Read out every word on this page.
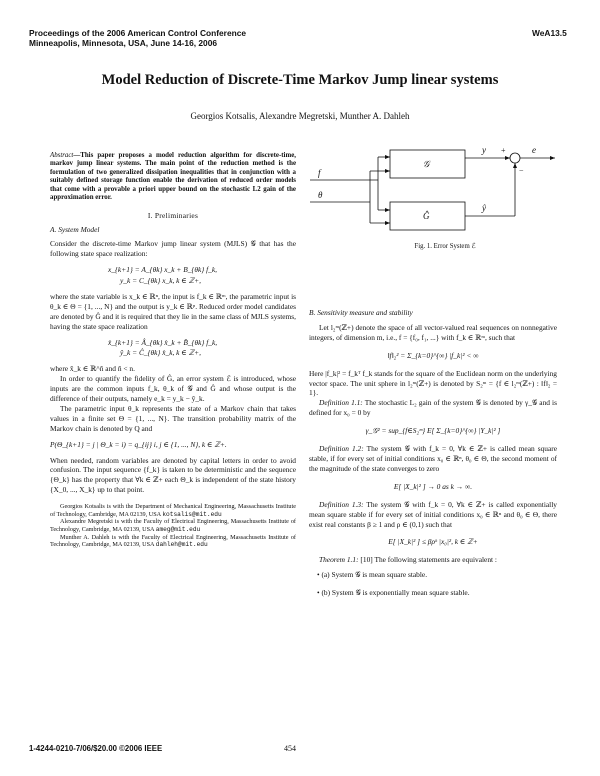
Proceedings of the 2006 American Control Conference
Minneapolis, Minnesota, USA, June 14-16, 2006
WeA13.5
Model Reduction of Discrete-Time Markov Jump linear systems
Georgios Kotsalis, Alexandre Megretski, Munther A. Dahleh
Abstract—This paper proposes a model reduction algorithm for discrete-time, markov jump linear systems. The main point of the reduction method is the formulation of two generalized dissipation inequalities that in conjunction with a suitably defined storage function enable the derivation of reduced order models that come with a provable a priori upper bound on the stochastic L2 gain of the approximation error.
I. Preliminaries
A. System Model
Consider the discrete-time Markov jump linear system (MJLS) 𝒢 that has the following state space realization:
x_{k+1} = A_{θk} x_k + B_{θk} f_k,
y_k = C_{θk} x_k, k ∈ ℤ+,
where the state variable is x_k ∈ ℝⁿ, the input is f_k ∈ ℝᵐ, the parametric input is θ_k ∈ Θ = {1, ..., N} and the output is y_k ∈ ℝᵖ. Reduced order model candidates are denoted by Ĝ and it is required that they lie in the same class of MJLS systems, having the state space realization
x̂_{k+1} = Â_{θk} x̂_k + B̂_{θk} f_k,
ŷ_k = Ĉ_{θk} x̂_k, k ∈ ℤ+,
where x̂_k ∈ ℝ^n̂ and n̂ < n.
In order to quantify the fidelity of Ĝ, an error system ℰ is introduced, whose inputs are the common inputs f_k, θ_k of 𝒢 and Ĝ and whose output is the difference of their outputs, namely e_k = y_k − ŷ_k.
The parametric input θ_k represents the state of a Markov chain that takes values in a finite set Θ = {1, ..., N}. The transition probability matrix of the Markov chain is denoted by Q and
P(Θ_{k+1} = j | Θ_k = i) = q_{ij} i, j ∈ {1, ..., N}, k ∈ ℤ+.
When needed, random variables are denoted by capital letters in order to avoid confusion. The input sequence {f_k} is taken to be deterministic and the sequence {Θ_k} has the property that ∀k ∈ ℤ+ each Θ_k is independent of the state history {X_0, ..., X_k} up to that point.
Georgios Kotsalis is with the Department of Mechanical Engineering, Massachusetts Institute of Technology, Cambridge, MA 02139, USA kotsalis@mit.edu
Alexandre Megretski is with the Faculty of Electrical Engineering, Massachusetts Institute of Technology, Cambridge, MA 02139, USA ameg@mit.edu
Munther A. Dahleh is with the Faculty of Electrical Engineering, Massachusetts Institute of Technology, Cambridge, MA 02139, USA dahleh@mit.edu
f
θ
𝒢
Ĝ
y
ŷ
e
+
−
Fig. 1. Error System ℰ
B. Sensitivity measure and stability
Let l₂ᵐ(ℤ+) denote the space of all vector-valued real sequences on nonnegative integers, of dimension m, i.e., f = {f₀, f₁, ...} with f_k ∈ ℝᵐ, such that
‖f‖₂² = Σ_{k=0}^{∞} |f_k|² < ∞
Here |f_k|² = f_kᵀ f_k stands for the square of the Euclidean norm on the underlying vector space. The unit sphere in l₂ᵐ(ℤ+) is denoted by S₂ᵐ = {f ∈ l₂ᵐ(ℤ+) : ‖f‖₂ = 1}.
Definition 1.1: The stochastic L₂ gain of the system 𝒢 is denoted by γ_𝒢 and is defined for x₀ = 0 by
γ_𝒢² = sup_{f∈S₂ᵐ} E[ Σ_{k=0}^{∞} |Y_k|² ]
Definition 1.2: The system 𝒢 with f_k = 0, ∀k ∈ ℤ+ is called mean square stable, if for every set of initial conditions x₀ ∈ ℝⁿ, θ₀ ∈ Θ, the second moment of the magnitude of the state converges to zero
E[ |X_k|² ] → 0 as k → ∞.
Definition 1.3: The system 𝒢 with f_k = 0, ∀k ∈ ℤ+ is called exponentially mean square stable if for every set of initial conditions x₀ ∈ ℝⁿ and θ₀ ∈ Θ, there exist real constants β ≥ 1 and ρ ∈ (0,1) such that
E[ |X_k|² ] ≤ βρᵏ |x₀|², k ∈ ℤ+
Theorem 1.1: [10] The following statements are equivalent :
• (a) System 𝒢 is mean square stable.
• (b) System 𝒢 is exponentially mean square stable.
1-4244-0210-7/06/$20.00 ©2006 IEEE	454
